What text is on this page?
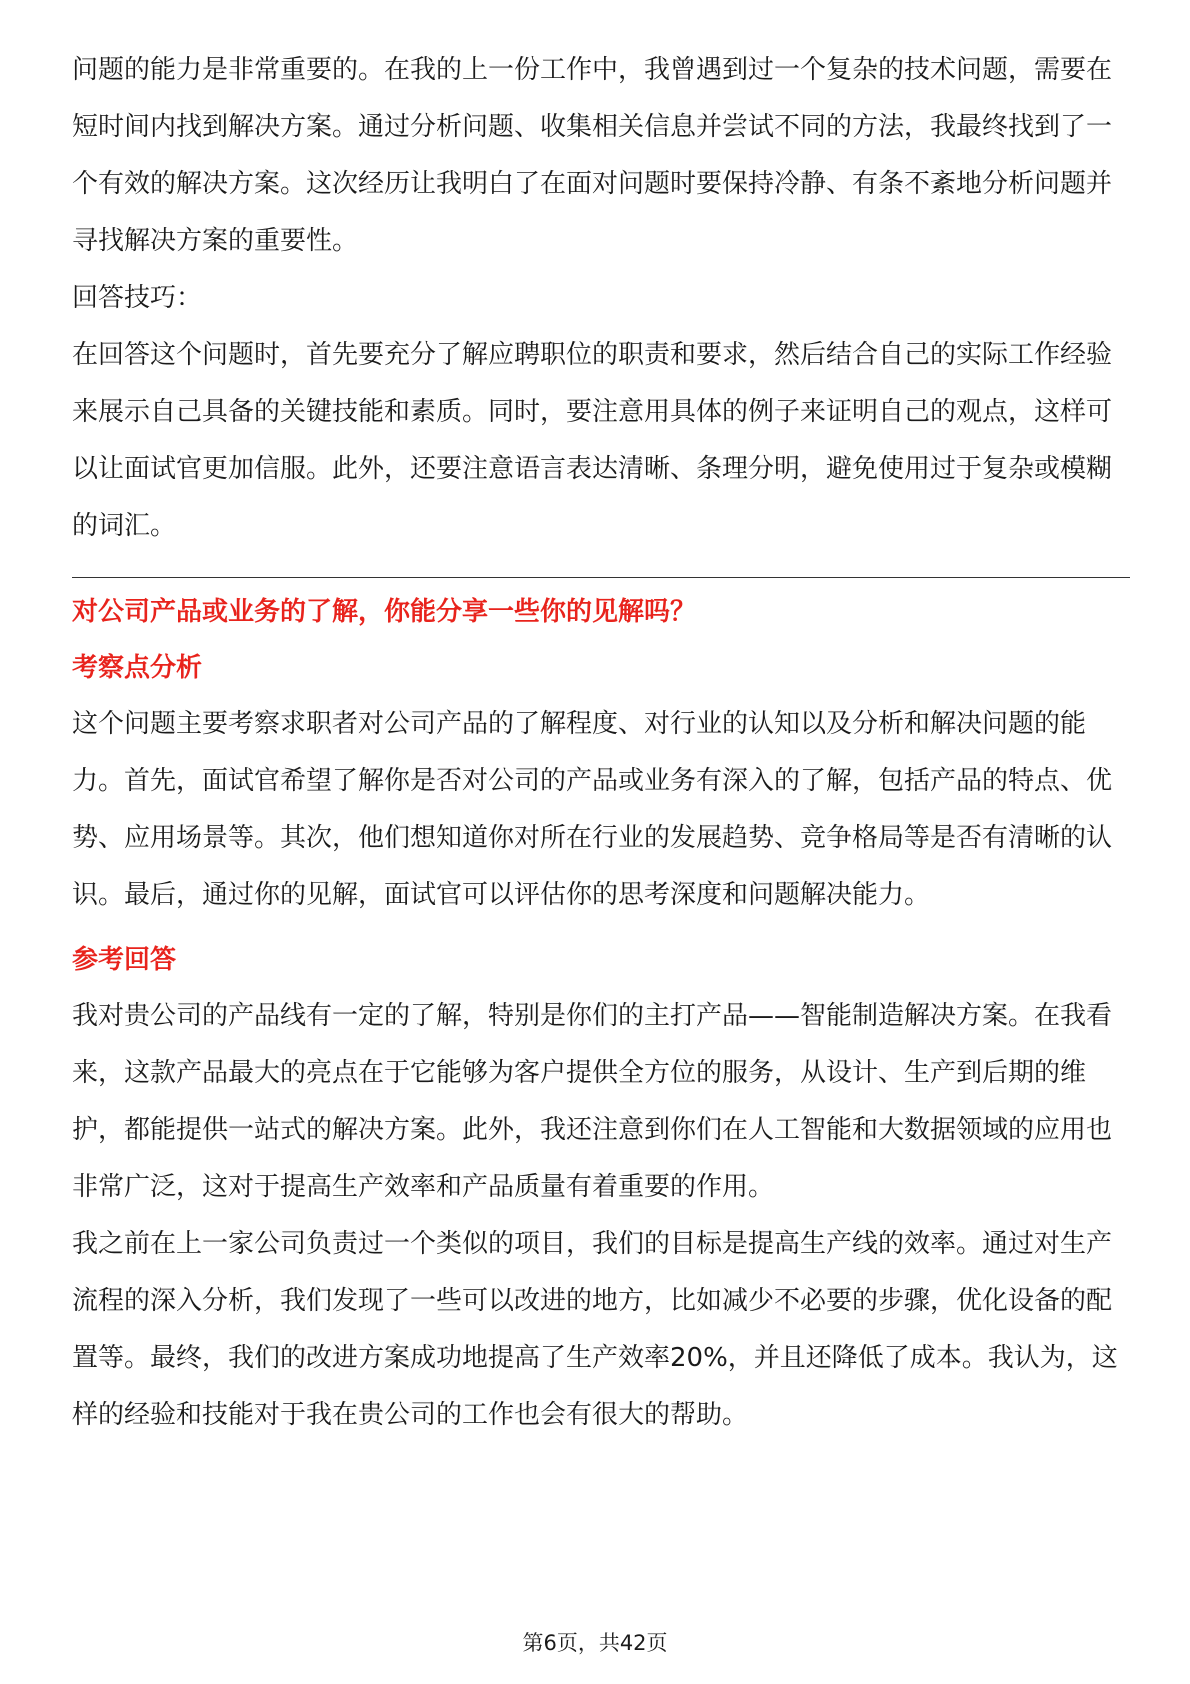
问题的能力是非常重要的。在我的上一份工作中，我曾遇到过一个复杂的技术问题，需要在短时间内找到解决方案。通过分析问题、收集相关信息并尝试不同的方法，我最终找到了一个有效的解决方案。这次经历让我明白了在面对问题时要保持冷静、有条不紊地分析问题并寻找解决方案的重要性。

回答技巧：

在回答这个问题时，首先要充分了解应聘职位的职责和要求，然后结合自己的实际工作经验来展示自己具备的关键技能和素质。同时，要注意用具体的例子来证明自己的观点，这样可以让面试官更加信服。此外，还要注意语言表达清晰、条理分明，避免使用过于复杂或模糊的词汇。

对公司产品或业务的了解，你能分享一些你的见解吗？
考察点分析

这个问题主要考察求职者对公司产品的了解程度、对行业的认知以及分析和解决问题的能力。首先，面试官希望了解你是否对公司的产品或业务有深入的了解，包括产品的特点、优势、应用场景等。其次，他们想知道你对所在行业的发展趋势、竞争格局等是否有清晰的认识。最后，通过你的见解，面试官可以评估你的思考深度和问题解决能力。

参考回答

我对贵公司的产品线有一定的了解，特别是你们的主打产品——智能制造解决方案。在我看来，这款产品最大的亮点在于它能够为客户提供全方位的服务，从设计、生产到后期的维护，都能提供一站式的解决方案。此外，我还注意到你们在人工智能和大数据领域的应用也非常广泛，这对于提高生产效率和产品质量有着重要的作用。

我之前在上一家公司负责过一个类似的项目，我们的目标是提高生产线的效率。通过对生产流程的深入分析，我们发现了一些可以改进的地方，比如减少不必要的步骤，优化设备的配置等。最终，我们的改进方案成功地提高了生产效率20%，并且还降低了成本。我认为，这样的经验和技能对于我在贵公司的工作也会有很大的帮助。

第6页，共42页
